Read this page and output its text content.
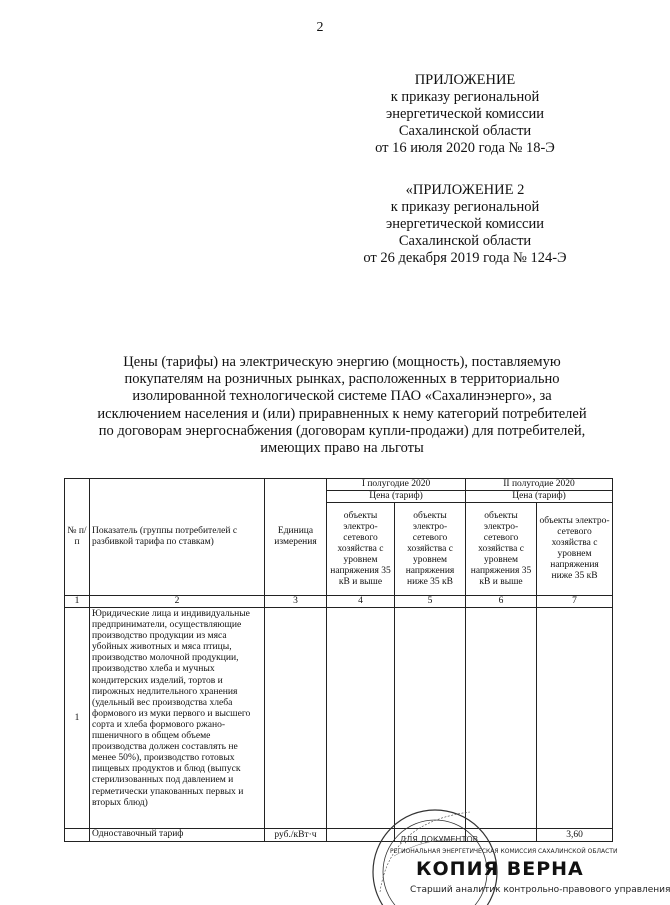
2
ПРИЛОЖЕНИЕ
к приказу региональной
энергетической комиссии
Сахалинской области
от 16 июля 2020 года № 18-Э
«ПРИЛОЖЕНИЕ 2
к приказу региональной
энергетической комиссии
Сахалинской области
от 26 декабря 2019 года № 124-Э
Цены (тарифы) на электрическую энергию (мощность), поставляемую
покупателям на розничных рынках, расположенных в территориально
изолированной технологической системе ПАО «Сахалинэнерго», за
исключением населения и (или) приравненных к нему категорий потребителей
по договорам энергоснабжения (договорам купли-продажи) для потребителей,
имеющих право на льготы
№ п/п	Показатель (группы потребителей с разбивкой тарифа по ставкам)	Единица измерения	I полугодие 2020		II полугодие 2020	
			Цена (тариф)		Цена (тариф)	
			объекты электро-сетевого хозяйства с уровнем напряжения 35 кВ и выше	объекты электро-сетевого хозяйства с уровнем напряжения ниже 35 кВ	объекты электро-сетевого хозяйства с уровнем напряжения 35 кВ и выше	объекты электро-сетевого хозяйства с уровнем напряжения ниже 35 кВ
1	2	3	4	5	6	7
1	Юридические лица и индивидуальные предприниматели, осуществляющие производство продукции из мяса убойных животных и мяса птицы, производство молочной продукции, производство хлеба и мучных кондитерских изделий, тортов и пирожных недлительного хранения (удельный вес производства хлеба формового из муки первого и высшего сорта и хлеба формового ржано-пшеничного в общем объеме производства должен составлять не менее 50%), производство готовых пищевых продуктов и блюд (выпуск стерилизованных под давлением и герметически упакованных первых и вторых блюд)					
	Одноставочный тариф	руб./кВт·ч				3,60
РЕГИОНАЛЬНАЯ ЭНЕРГЕТИЧЕСКАЯ КОМИССИЯ САХАЛИНСКОЙ ОБЛАСТИ
КОПИЯ ВЕРНА
Старший аналитик контрольно-правового управления
ДЛЯ ДОКУМЕНТОВ
